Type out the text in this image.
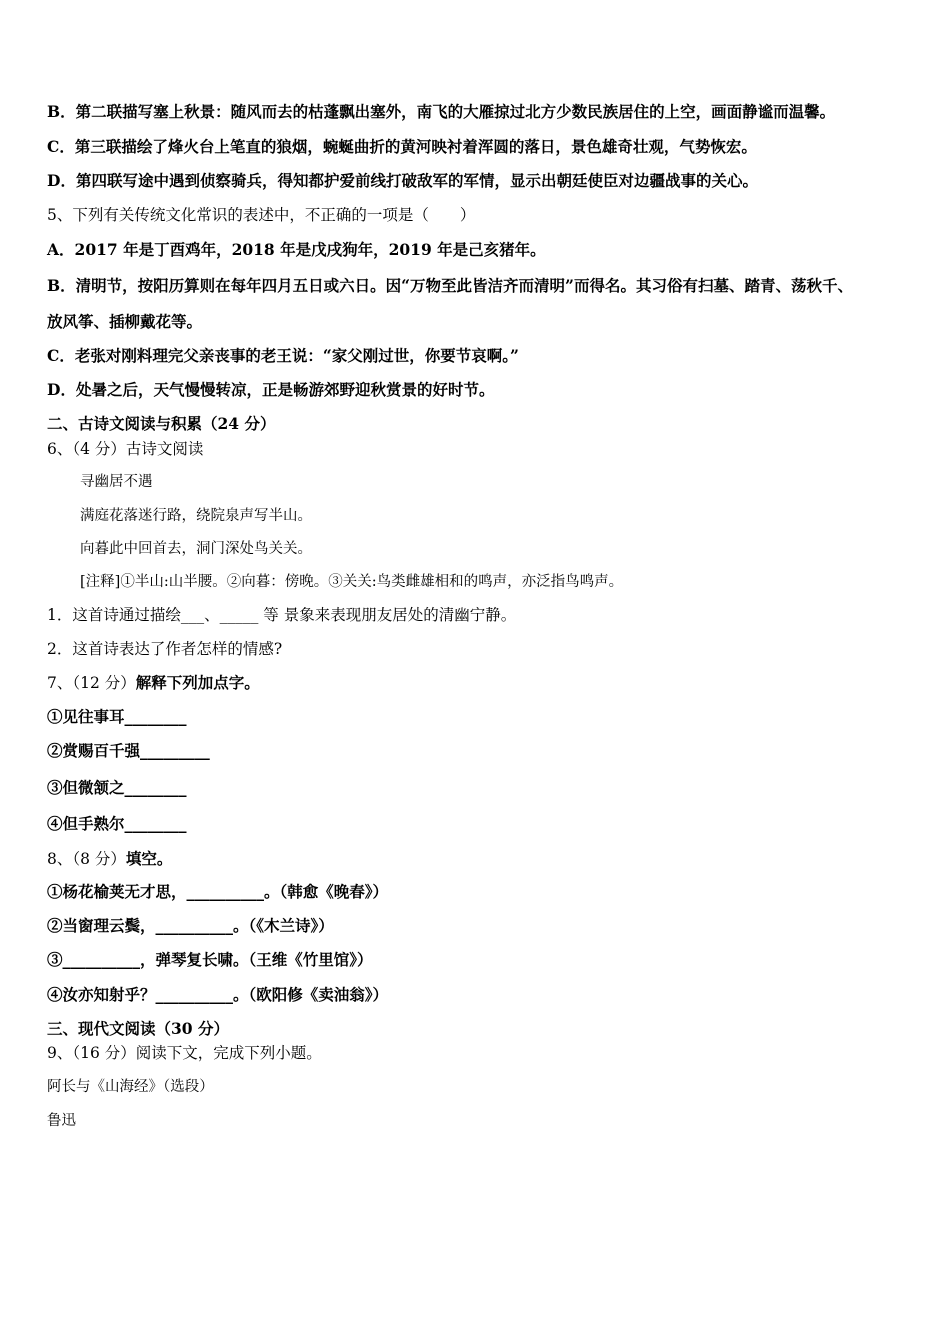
B．第二联描写塞上秋景：随风而去的枯蓬飘出塞外，南飞的大雁掠过北方少数民族居住的上空，画面静谧而温馨。
C．第三联描绘了烽火台上笔直的狼烟，蜿蜒曲折的黄河映衬着浑圆的落日，景色雄奇壮观，气势恢宏。
D．第四联写途中遇到侦察骑兵，得知都护爱前线打破敌军的军情，显示出朝廷使臣对边疆战事的关心。
5、下列有关传统文化常识的表述中，不正确的一项是（　　）
A．2017 年是丁酉鸡年，2018 年是戊戌狗年，2019 年是己亥猪年。
B．清明节，按阳历算则在每年四月五日或六日。因“万物至此皆洁齐而清明”而得名。其习俗有扫墓、踏青、荡秋千、
放风筝、插柳戴花等。
C．老张对刚料理完父亲丧事的老王说：“家父刚过世，你要节哀啊。”
D．处暑之后，天气慢慢转凉，正是畅游郊野迎秋赏景的好时节。
二、古诗文阅读与积累（24 分）
6、（4 分）古诗文阅读
寻幽居不遇
满庭花落迷行路，绕院泉声写半山。
向暮此中回首去，洞门深处鸟关关。
[注释]①半山:山半腰。②向暮：傍晚。③关关:鸟类雌雄相和的鸣声，亦泛指鸟鸣声。
1．这首诗通过描绘___、_____ 等 景象来表现朋友居处的清幽宁静。
2．这首诗表达了作者怎样的情感?
7、（12 分）解释下列加点字。
①见往事耳________
②赏赐百千强_________
③但微颔之________
④但手熟尔________
8、（8 分）填空。
①杨花榆荚无才思，__________。（韩愈《晚春》）
②当窗理云鬓，__________。（《木兰诗》）
③__________，弹琴复长啸。（王维《竹里馆》）
④汝亦知射乎？__________。（欧阳修《卖油翁》）
三、现代文阅读（30 分）
9、（16 分）阅读下文，完成下列小题。
阿长与《山海经》（选段）
鲁迅
